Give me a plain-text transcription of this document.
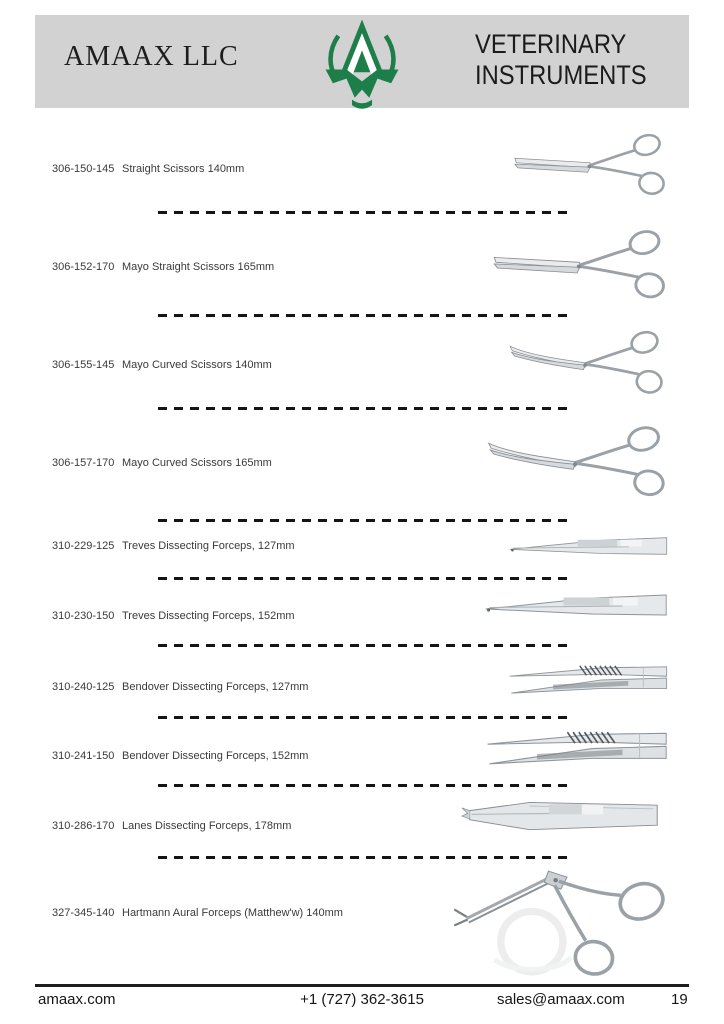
AMAAX LLC	VETERINARY
INSTRUMENTS
306-150-145 Straight Scissors 140mm
306-152-170 Mayo Straight Scissors 165mm
306-155-145 Mayo Curved Scissors 140mm
306-157-170 Mayo Curved Scissors 165mm
310-229-125 Treves Dissecting Forceps, 127mm
310-230-150 Treves Dissecting Forceps, 152mm
310-240-125 Bendover Dissecting Forceps, 127mm
310-241-150 Bendover Dissecting Forceps, 152mm
310-286-170 Lanes Dissecting Forceps, 178mm
327-345-140 Hartmann Aural Forceps (Matthew'w) 140mm
amaax.com	+1 (727) 362-3615	sales@amaax.com	19
